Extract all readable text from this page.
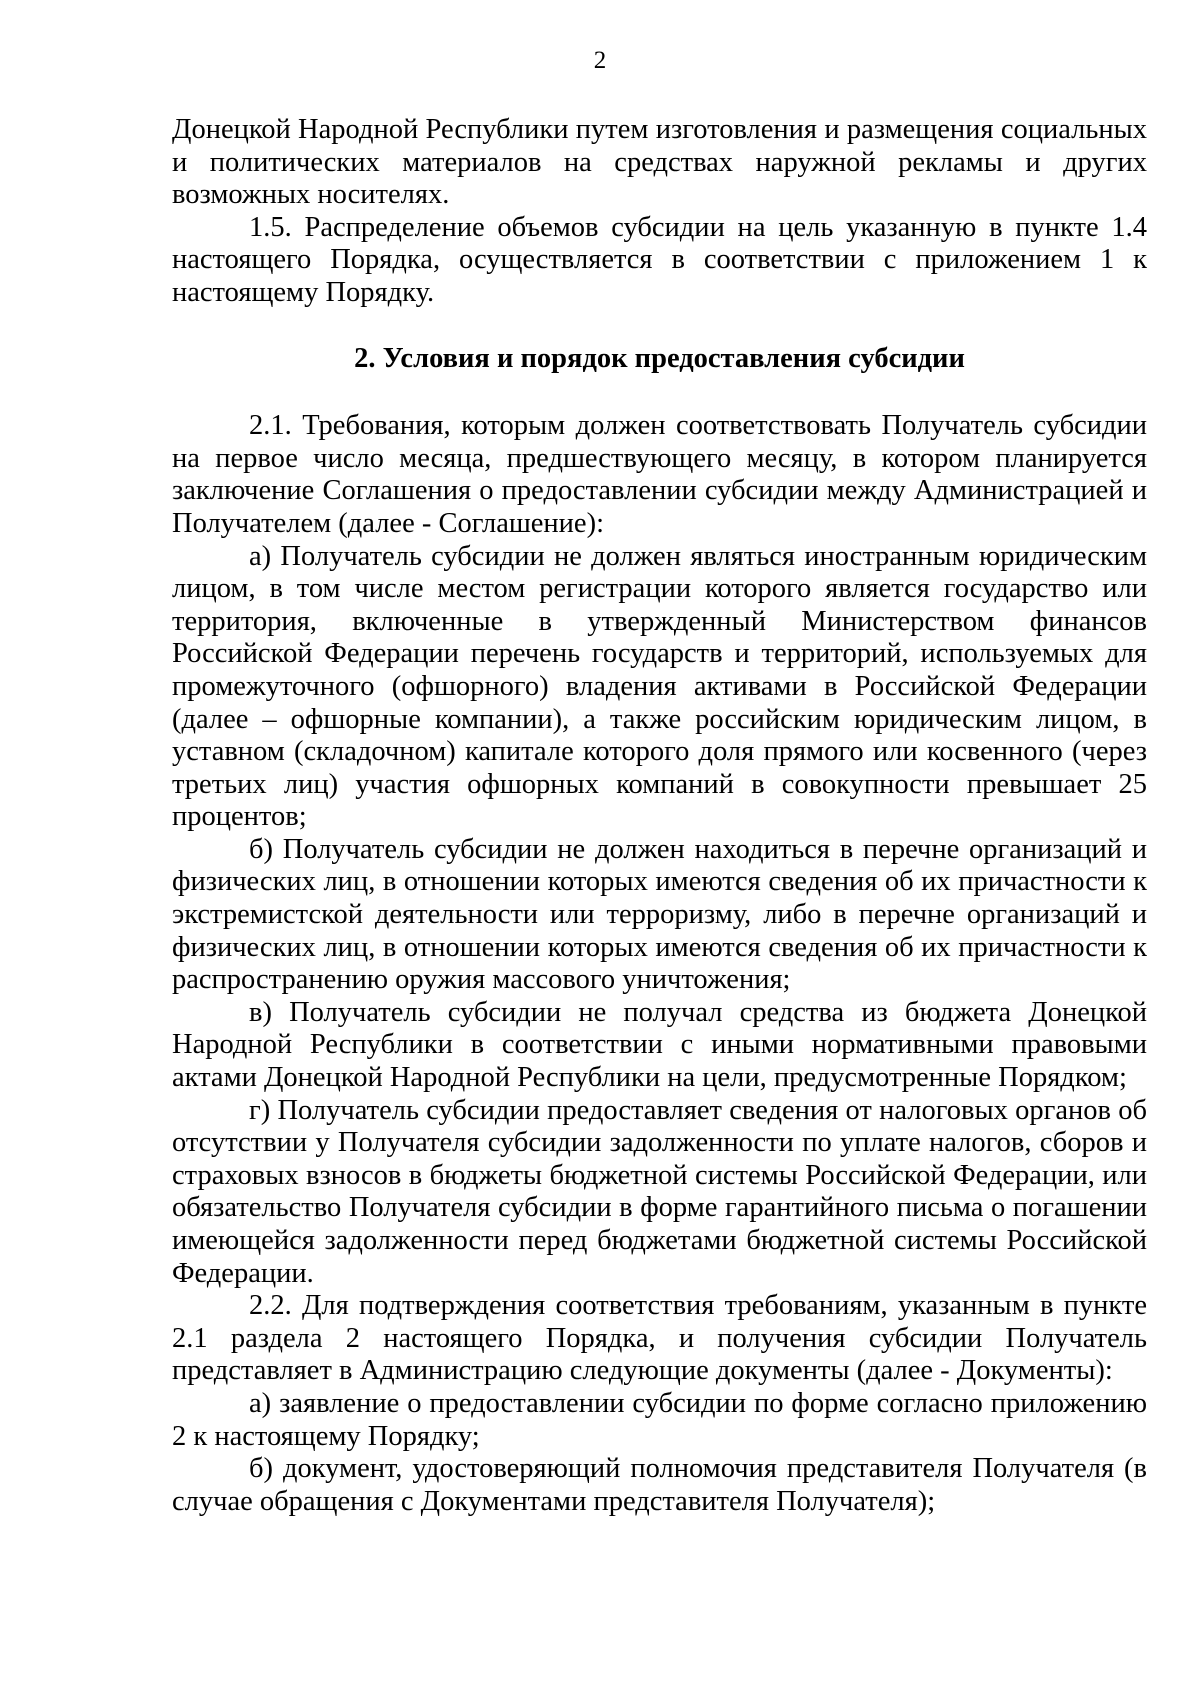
2

Донецкой Народной Республики путем изготовления и размещения социальных и политических материалов на средствах наружной рекламы и других возможных носителях.

1.5. Распределение объемов субсидии на цель указанную в пункте 1.4 настоящего Порядка, осуществляется в соответствии с приложением 1 к настоящему Порядку.

2. Условия и порядок предоставления субсидии

2.1. Требования, которым должен соответствовать Получатель субсидии на первое число месяца, предшествующего месяцу, в котором планируется заключение Соглашения о предоставлении субсидии между Администрацией и Получателем (далее - Соглашение):

а) Получатель субсидии не должен являться иностранным юридическим лицом, в том числе местом регистрации которого является государство или территория, включенные в утвержденный Министерством финансов Российской Федерации перечень государств и территорий, используемых для промежуточного (офшорного) владения активами в Российской Федерации (далее – офшорные компании), а также российским юридическим лицом, в уставном (складочном) капитале которого доля прямого или косвенного (через третьих лиц) участия офшорных компаний в совокупности превышает 25 процентов;

б) Получатель субсидии не должен находиться в перечне организаций и физических лиц, в отношении которых имеются сведения об их причастности к экстремистской деятельности или терроризму, либо в перечне организаций и физических лиц, в отношении которых имеются сведения об их причастности к распространению оружия массового уничтожения;

в) Получатель субсидии не получал средства из бюджета Донецкой Народной Республики в соответствии с иными нормативными правовыми актами Донецкой Народной Республики на цели, предусмотренные Порядком;

г) Получатель субсидии предоставляет сведения от налоговых органов об отсутствии у Получателя субсидии задолженности по уплате налогов, сборов и страховых взносов в бюджеты бюджетной системы Российской Федерации, или обязательство Получателя субсидии в форме гарантийного письма о погашении имеющейся задолженности перед бюджетами бюджетной системы Российской Федерации.

2.2. Для подтверждения соответствия требованиям, указанным в пункте 2.1 раздела 2 настоящего Порядка, и получения субсидии Получатель представляет в Администрацию следующие документы (далее - Документы):

а) заявление о предоставлении субсидии по форме согласно приложению 2 к настоящему Порядку;

б) документ, удостоверяющий полномочия представителя Получателя (в случае обращения с Документами представителя Получателя);
